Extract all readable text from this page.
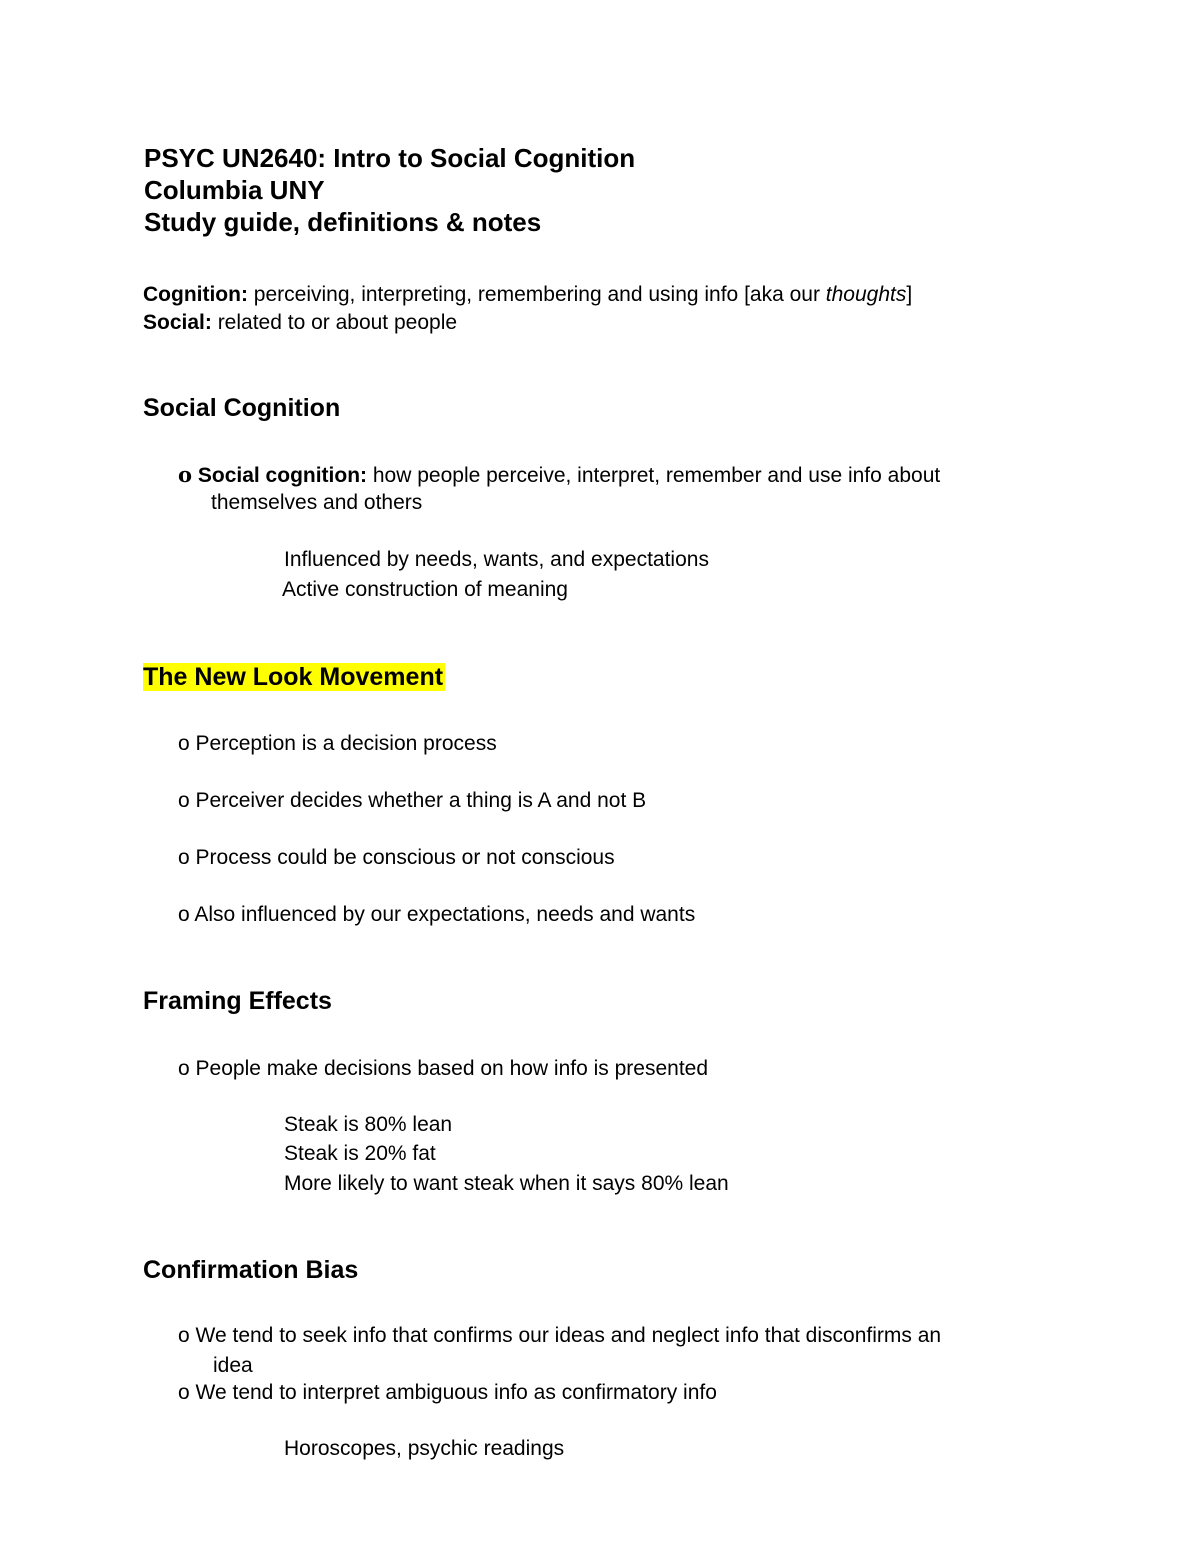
PSYC UN2640: Intro to Social Cognition
Columbia UNY
Study guide, definitions & notes
Cognition: perceiving, interpreting, remembering and using info [aka our thoughts]
Social: related to or about people
Social Cognition
o Social cognition: how people perceive, interpret, remember and use info about
themselves and others
Influenced by needs, wants, and expectations
Active construction of meaning
The New Look Movement
o Perception is a decision process
o Perceiver decides whether a thing is A and not B
o Process could be conscious or not conscious
o Also influenced by our expectations, needs and wants
Framing Effects
o People make decisions based on how info is presented
Steak is 80% lean
Steak is 20% fat
More likely to want steak when it says 80% lean
Confirmation Bias
o We tend to seek info that confirms our ideas and neglect info that disconfirms an
idea
o We tend to interpret ambiguous info as confirmatory info
Horoscopes, psychic readings
